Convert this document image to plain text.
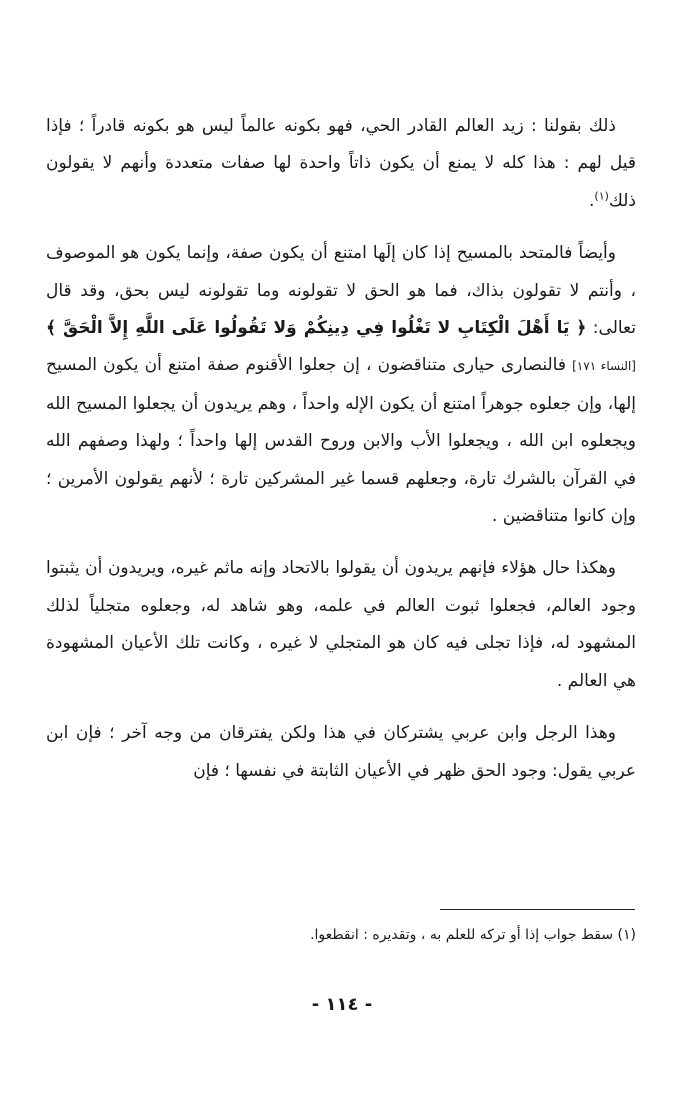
ذلك بقولنا : زيد العالم القادر الحي، فهو بكونه عالماً ليس هو بكونه قادراً ؛ فإذا قيل لهم : هذا كله لا يمنع أن يكون ذاتاً واحدة لها صفات متعددة وأنهم لا يقولون ذلك$^{(١)}$.

وأيضاً فالمتحد بالمسيح إذا كان إلَها امتنع أن يكون صفة، وإنما يكون هو الموصوف ، وأنتم لا تقولون بذاك، فما هو الحق لا تقولونه وما تقولونه ليس بحق، وقد قال تعالى: ﴿ يَا أَهْلَ الْكِتَابِ لا تَغْلُوا فِي دِينِكُمْ وَلا تَقُولُوا عَلَى اللَّهِ إِلاَّ الْحَقَّ ﴾ [النساء ١٧١] فالنصارى حيارى متناقضون ، إن جعلوا الأقنوم صفة امتنع أن يكون المسيح إلها، وإن جعلوه جوهراً امتنع أن يكون الإله واحداً ، وهم يريدون أن يجعلوا المسيح الله ويجعلوه ابن الله ، ويجعلوا الأب والابن وروح القدس إلها واحداً ؛ ولهذا وصفهم الله في القرآن بالشرك تارة، وجعلهم قسما غير المشركين تارة ؛ لأنهم يقولون الأمرين ؛ وإن كانوا متناقضين .

وهكذا حال هؤلاء فإنهم يريدون أن يقولوا بالاتحاد وإنه ماثم غيره، ويريدون أن يثبتوا وجود العالم، فجعلوا ثبوت العالم في علمه، وهو شاهد له، وجعلوه متجلياً لذلك المشهود له، فإذا تجلى فيه كان هو المتجلي لا غيره ، وكانت تلك الأعيان المشهودة هي العالم .

وهذا الرجل وابن عربي يشتركان في هذا ولكن يفترقان من وجه آخر ؛ فإن ابن عربي يقول: وجود الحق ظهر في الأعيان الثابتة في نفسها ؛ فإن

(١) سقط جواب إذا أو تركه للعلم به ، وتقديره : انقطعوا.
- ١١٤ -
